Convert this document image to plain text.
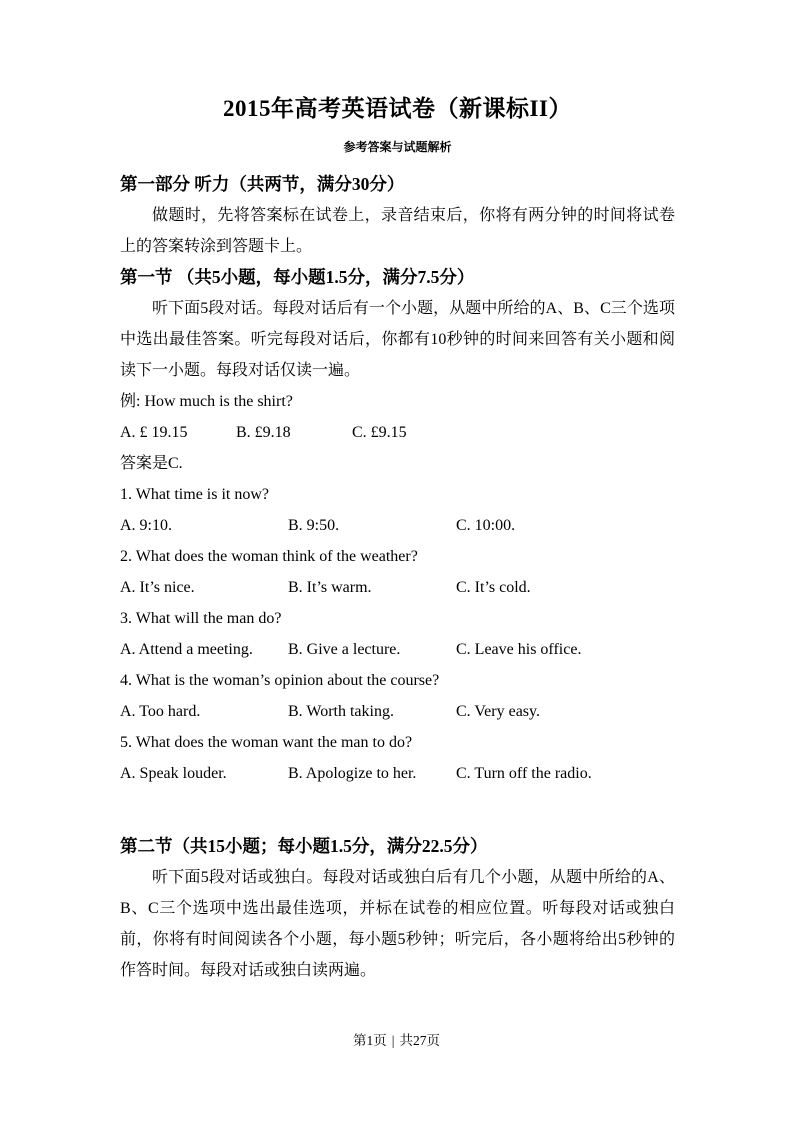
2015年高考英语试卷（新课标II）
参考答案与试题解析
第一部分 听力（共两节，满分30分）

做题时，先将答案标在试卷上，录音结束后，你将有两分钟的时间将试卷上的答案转涂到答题卡上。

第一节 （共5小题，每小题1.5分，满分7.5分）

听下面5段对话。每段对话后有一个小题，从题中所给的A、B、C三个选项中选出最佳答案。听完每段对话后，你都有10秒钟的时间来回答有关小题和阅读下一小题。每段对话仅读一遍。

例: How much is the shirt?

A. £ 19.15	B. £9.18	C. £9.15

答案是C.

1. What time is it now?

A. 9:10.	B. 9:50.	C. 10:00.

2. What does the woman think of the weather?

A. It’s nice.	B. It’s warm.	C. It’s cold.

3. What will the man do?

A. Attend a meeting. B. Give a lecture.	C. Leave his office.

4. What is the woman’s opinion about the course?

A. Too hard.	B. Worth taking.	C. Very easy.

5. What does the woman want the man to do?

A. Speak louder.	B. Apologize to her. C. Turn off the radio.

第二节（共15小题；每小题1.5分，满分22.5分）

听下面5段对话或独白。每段对话或独白后有几个小题，从题中所给的A、B、C三个选项中选出最佳选项，并标在试卷的相应位置。听每段对话或独白前，你将有时间阅读各个小题，每小题5秒钟；听完后，各小题将给出5秒钟的作答时间。每段对话或独白读两遍。

第1页 | 共27页
